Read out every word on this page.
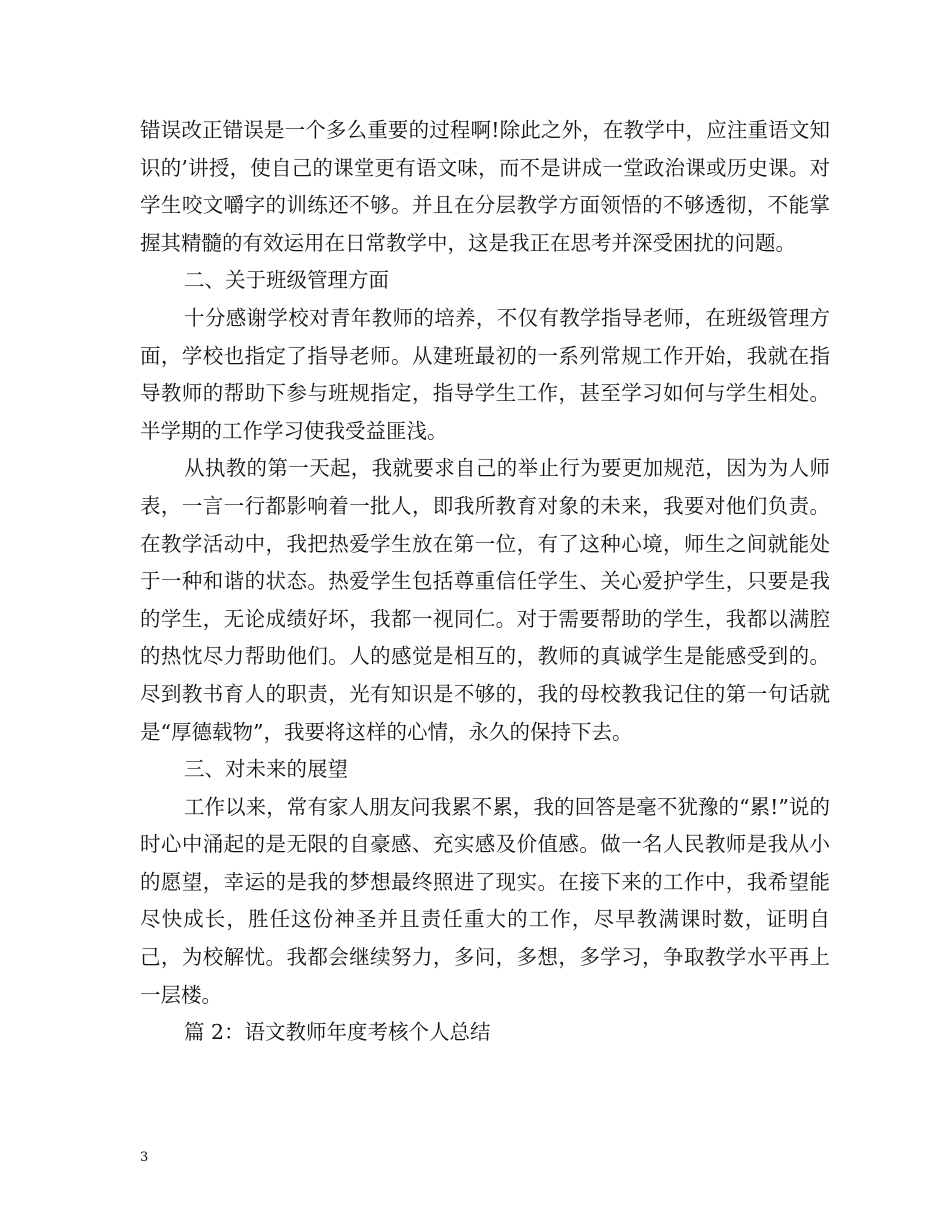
错误改正错误是一个多么重要的过程啊!除此之外，在教学中，应注重语文知识的’讲授，使自己的课堂更有语文味，而不是讲成一堂政治课或历史课。对学生咬文嚼字的训练还不够。并且在分层教学方面领悟的不够透彻，不能掌握其精髓的有效运用在日常教学中，这是我正在思考并深受困扰的问题。

二、关于班级管理方面

十分感谢学校对青年教师的培养，不仅有教学指导老师，在班级管理方面，学校也指定了指导老师。从建班最初的一系列常规工作开始，我就在指导教师的帮助下参与班规指定，指导学生工作，甚至学习如何与学生相处。半学期的工作学习使我受益匪浅。

从执教的第一天起，我就要求自己的举止行为要更加规范，因为为人师表，一言一行都影响着一批人，即我所教育对象的未来，我要对他们负责。在教学活动中，我把热爱学生放在第一位，有了这种心境，师生之间就能处于一种和谐的状态。热爱学生包括尊重信任学生、关心爱护学生，只要是我的学生，无论成绩好坏，我都一视同仁。对于需要帮助的学生，我都以满腔的热忱尽力帮助他们。人的感觉是相互的，教师的真诚学生是能感受到的。尽到教书育人的职责，光有知识是不够的，我的母校教我记住的第一句话就是“厚德载物”，我要将这样的心情，永久的保持下去。

三、对未来的展望

工作以来，常有家人朋友问我累不累，我的回答是毫不犹豫的“累!”说的时心中涌起的是无限的自豪感、充实感及价值感。做一名人民教师是我从小的愿望，幸运的是我的梦想最终照进了现实。在接下来的工作中，我希望能尽快成长，胜任这份神圣并且责任重大的工作，尽早教满课时数，证明自己，为校解忧。我都会继续努力，多问，多想，多学习，争取教学水平再上一层楼。

篇 2：语文教师年度考核个人总结

3
